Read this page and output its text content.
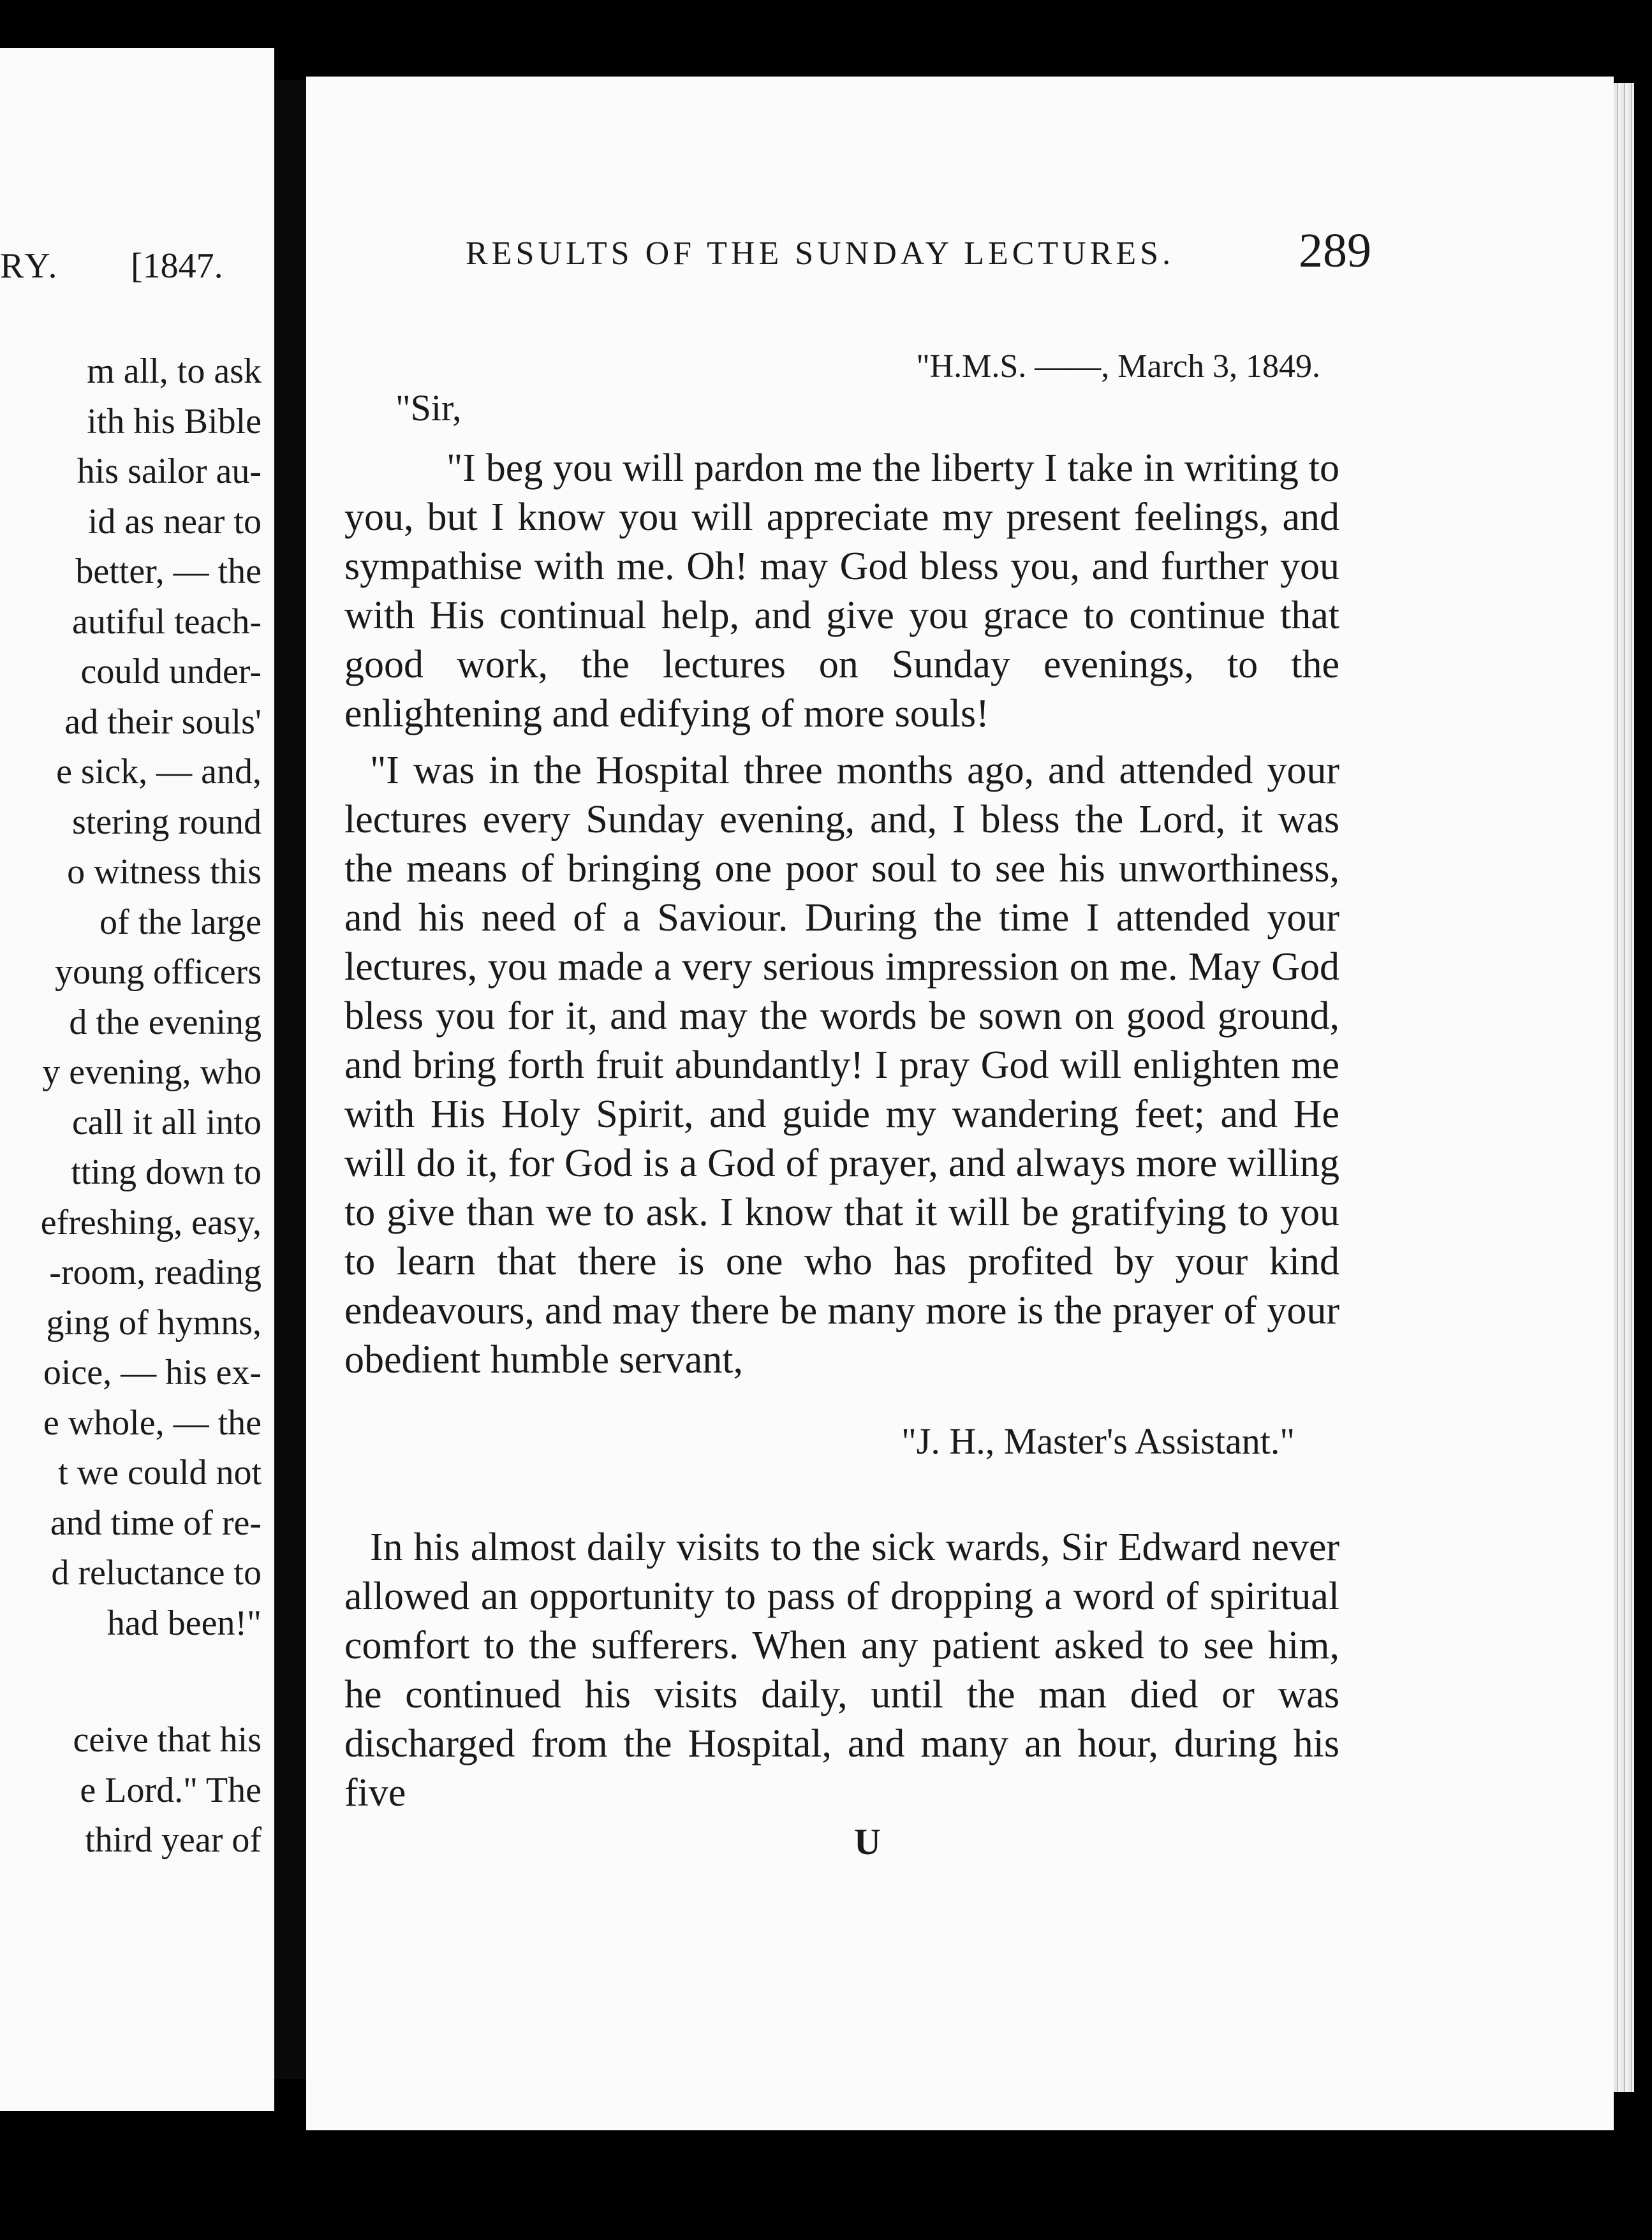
RY. [1847.
m all, to ask
ith his Bible
his sailor au-
id as near to
better, — the
autiful teach-
could under-
ad their souls'
e sick, — and,
stering round
o witness this
of the large
young officers
d the evening
y evening, who
call it all into
tting down to
efreshing, easy,
-room, reading
ging of hymns,
oice, — his ex-
e whole, — the
t we could not
and time of re-
d reluctance to
had been!"
ceive that his
e Lord." The
third year of
RESULTS OF THE SUNDAY LECTURES.	289
"H.M.S. ——, March 3, 1849.
"Sir,
"I beg you will pardon me the liberty I take in writing to you, but I know you will appreciate my present feelings, and sympathise with me. Oh! may God bless you, and further you with His continual help, and give you grace to continue that good work, the lectures on Sunday evenings, to the enlightening and edifying of more souls!
"I was in the Hospital three months ago, and attended your lectures every Sunday evening, and, I bless the Lord, it was the means of bringing one poor soul to see his unworthiness, and his need of a Saviour. During the time I attended your lectures, you made a very serious impression on me. May God bless you for it, and may the words be sown on good ground, and bring forth fruit abundantly! I pray God will enlighten me with His Holy Spirit, and guide my wandering feet; and He will do it, for God is a God of prayer, and always more willing to give than we to ask. I know that it will be gratifying to you to learn that there is one who has profited by your kind endeavours, and may there be many more is the prayer of your obedient humble servant,
"J. H., Master's Assistant."
In his almost daily visits to the sick wards, Sir Edward never allowed an opportunity to pass of dropping a word of spiritual comfort to the sufferers. When any patient asked to see him, he continued his visits daily, until the man died or was discharged from the Hospital, and many an hour, during his five
U
